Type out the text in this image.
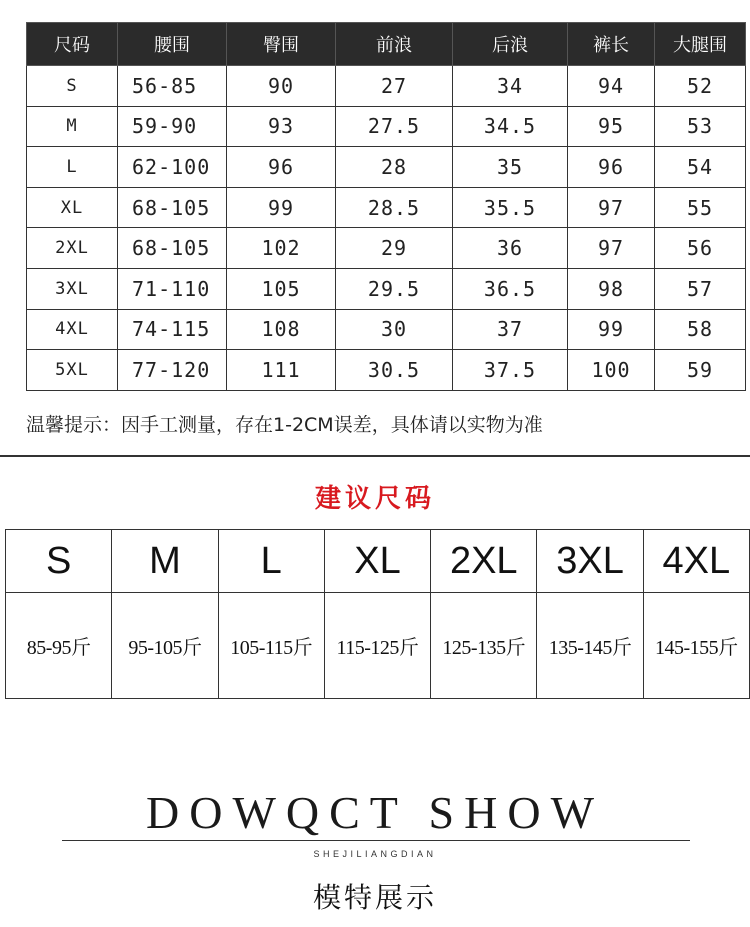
尺码	腰围	臀围	前浪	后浪	裤长	大腿围
S	56-85	90	27	34	94	52
M	59-90	93	27.5	34.5	95	53
L	62-100	96	28	35	96	54
XL	68-105	99	28.5	35.5	97	55
2XL	68-105	102	29	36	97	56
3XL	71-110	105	29.5	36.5	98	57
4XL	74-115	108	30	37	99	58
5XL	77-120	111	30.5	37.5	100	59
温馨提示：因手工测量，存在1-2CM误差，具体请以实物为准
建议尺码
S	M	L	XL	2XL	3XL	4XL
85-95斤	95-105斤	105-115斤	115-125斤	125-135斤	135-145斤	145-155斤
DOWQCT SHOW
SHEJILIANGDIAN
模特展示
